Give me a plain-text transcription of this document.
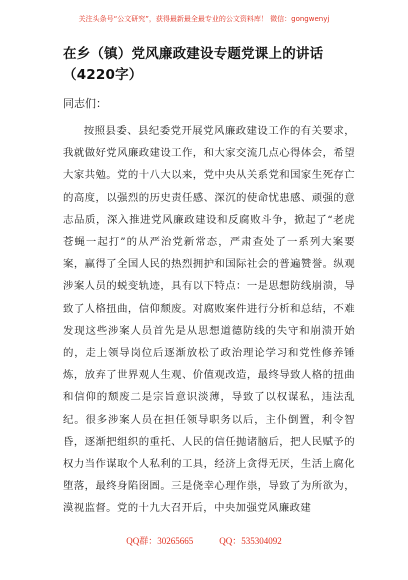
关注头条号“公文研究”，获得最新最全最专业的公文资料库！ 微信：gongwenyj
在乡（镇）党风廉政建设专题党课上的讲话（4220字）

同志们：

按照县委、县纪委党开展党风廉政建设工作的有关要求，我就做好党风廉政建设工作，和大家交流几点心得体会，希望大家共勉。党的十八大以来，党中央从关系党和国家生死存亡的高度，以强烈的历史责任感、深沉的使命忧患感、顽强的意志品质，深入推进党风廉政建设和反腐败斗争，掀起了“老虎苍蝇一起打”的从严治党新常态，严肃查处了一系列大案要案，赢得了全国人民的热烈拥护和国际社会的普遍赞誉。纵观涉案人员的蜕变轨迹，具有以下特点：一是思想防线崩溃，导致了人格扭曲，信仰颓废。对腐败案件进行分析和总结，不难发现这些涉案人员首先是从思想道德防线的失守和崩溃开始的，走上领导岗位后逐渐放松了政治理论学习和党性修养锤炼，放弃了世界观人生观、价值观改造，最终导致人格的扭曲和信仰的颓废二是宗旨意识淡薄，导致了以权谋私，违法乱纪。很多涉案人员在担任领导职务以后，主仆倒置，利令智昏，逐渐把组织的重托、人民的信任抛诸脑后，把人民赋予的权力当作谋取个人私利的工具，经济上贪得无厌，生活上腐化堕落，最终身陷囹圄。三是侥幸心理作祟，导致了为所欲为，漠视监督。党的十九大召开后，中央加强党风廉政建

QQ群：30265665	QQ：535304092
